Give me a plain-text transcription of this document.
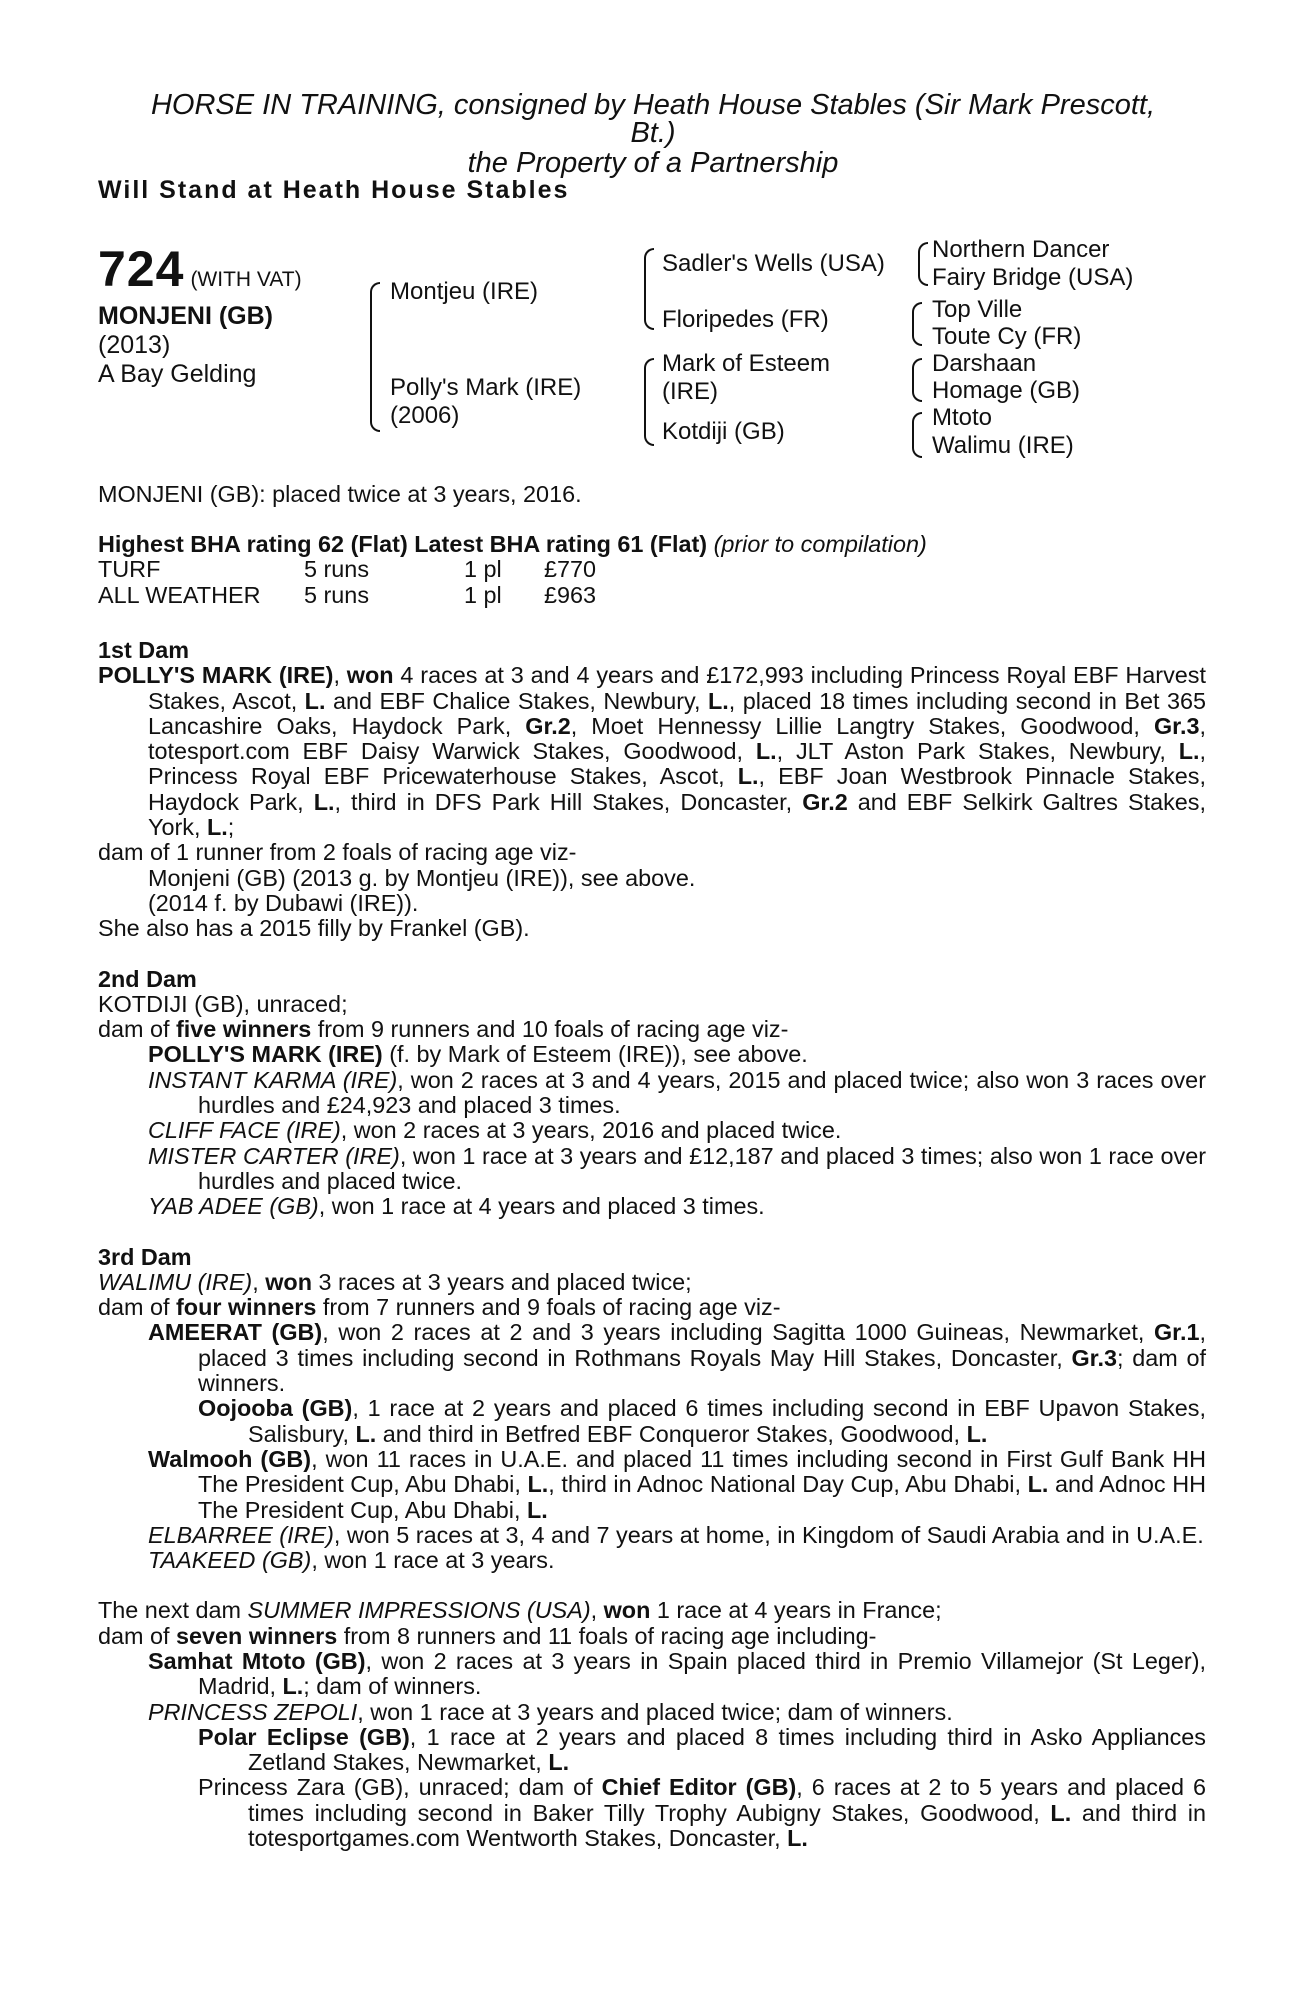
HORSE IN TRAINING, consigned by Heath House Stables (Sir Mark Prescott,
Bt.)
the Property of a Partnership
Will Stand at Heath House Stables
724 (WITH VAT)
MONJENI (GB)
(2013)
A Bay Gelding
Montjeu (IRE)
Polly's Mark (IRE)
(2006)
Sadler's Wells (USA)
Floripedes (FR)
Mark of Esteem
(IRE)
Kotdiji (GB)
Northern Dancer
Fairy Bridge (USA)
Top Ville
Toute Cy (FR)
Darshaan
Homage (GB)
Mtoto
Walimu (IRE)
MONJENI (GB): placed twice at 3 years, 2016.
Highest BHA rating 62 (Flat) Latest BHA rating 61 (Flat) (prior to compilation)
TURF	5 runs	1 pl	£770
ALL WEATHER	5 runs	1 pl	£963
1st Dam

POLLY'S MARK (IRE), won 4 races at 3 and 4 years and £172,993 including Princess Royal EBF Harvest Stakes, Ascot, L. and EBF Chalice Stakes, Newbury, L., placed 18 times including second in Bet 365 Lancashire Oaks, Haydock Park, Gr.2, Moet Hennessy Lillie Langtry Stakes, Goodwood, Gr.3, totesport.com EBF Daisy Warwick Stakes, Goodwood, L., JLT Aston Park Stakes, Newbury, L., Princess Royal EBF Pricewaterhouse Stakes, Ascot, L., EBF Joan Westbrook Pinnacle Stakes, Haydock Park, L., third in DFS Park Hill Stakes, Doncaster, Gr.2 and EBF Selkirk Galtres Stakes, York, L.;

dam of 1 runner from 2 foals of racing age viz-

Monjeni (GB) (2013 g. by Montjeu (IRE)), see above.

(2014 f. by Dubawi (IRE)).

She also has a 2015 filly by Frankel (GB).

2nd Dam

KOTDIJI (GB), unraced;

dam of five winners from 9 runners and 10 foals of racing age viz-

POLLY'S MARK (IRE) (f. by Mark of Esteem (IRE)), see above.

INSTANT KARMA (IRE), won 2 races at 3 and 4 years, 2015 and placed twice; also won 3 races over hurdles and £24,923 and placed 3 times.

CLIFF FACE (IRE), won 2 races at 3 years, 2016 and placed twice.

MISTER CARTER (IRE), won 1 race at 3 years and £12,187 and placed 3 times; also won 1 race over hurdles and placed twice.

YAB ADEE (GB), won 1 race at 4 years and placed 3 times.

3rd Dam

WALIMU (IRE), won 3 races at 3 years and placed twice;

dam of four winners from 7 runners and 9 foals of racing age viz-

AMEERAT (GB), won 2 races at 2 and 3 years including Sagitta 1000 Guineas, Newmarket, Gr.1, placed 3 times including second in Rothmans Royals May Hill Stakes, Doncaster, Gr.3; dam of winners.

Oojooba (GB), 1 race at 2 years and placed 6 times including second in EBF Upavon Stakes, Salisbury, L. and third in Betfred EBF Conqueror Stakes, Goodwood, L.

Walmooh (GB), won 11 races in U.A.E. and placed 11 times including second in First Gulf Bank HH The President Cup, Abu Dhabi, L., third in Adnoc National Day Cup, Abu Dhabi, L. and Adnoc HH The President Cup, Abu Dhabi, L.

ELBARREE (IRE), won 5 races at 3, 4 and 7 years at home, in Kingdom of Saudi Arabia and in U.A.E.

TAAKEED (GB), won 1 race at 3 years.

The next dam SUMMER IMPRESSIONS (USA), won 1 race at 4 years in France;

dam of seven winners from 8 runners and 11 foals of racing age including-

Samhat Mtoto (GB), won 2 races at 3 years in Spain placed third in Premio Villamejor (St Leger), Madrid, L.; dam of winners.

PRINCESS ZEPOLI, won 1 race at 3 years and placed twice; dam of winners.

Polar Eclipse (GB), 1 race at 2 years and placed 8 times including third in Asko Appliances Zetland Stakes, Newmarket, L.

Princess Zara (GB), unraced; dam of Chief Editor (GB), 6 races at 2 to 5 years and placed 6 times including second in Baker Tilly Trophy Aubigny Stakes, Goodwood, L. and third in totesportgames.com Wentworth Stakes, Doncaster, L.
